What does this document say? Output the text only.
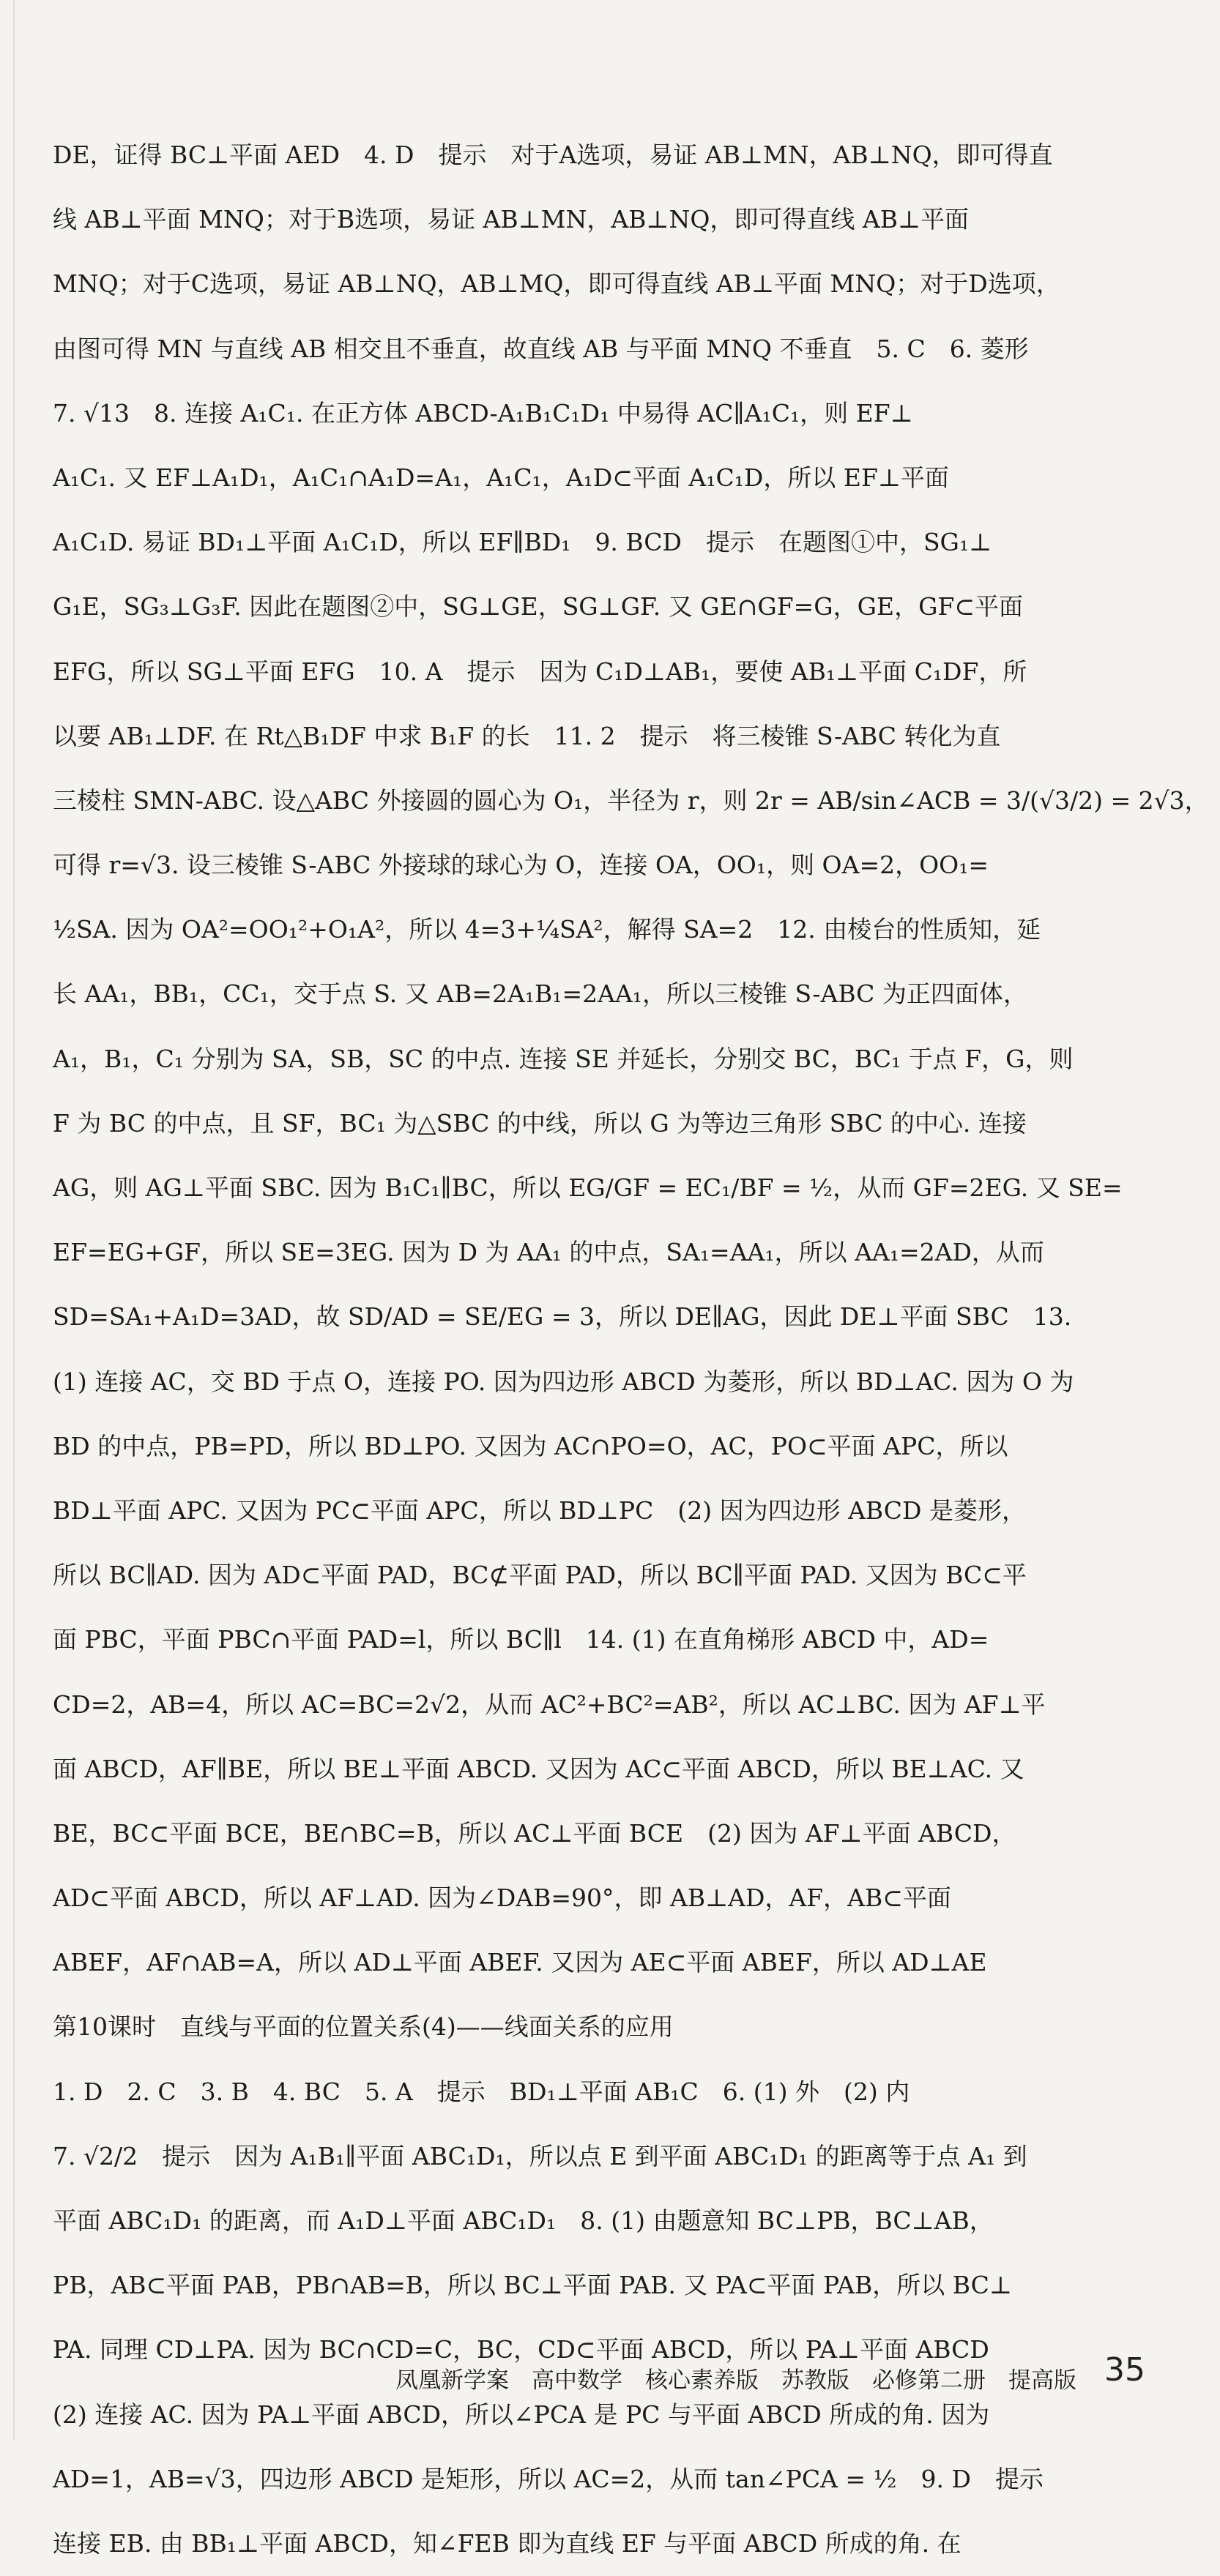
DE，证得 BC⊥平面 AED　4. D　提示　对于A选项，易证 AB⊥MN，AB⊥NQ，即可得直
线 AB⊥平面 MNQ；对于B选项，易证 AB⊥MN，AB⊥NQ，即可得直线 AB⊥平面
MNQ；对于C选项，易证 AB⊥NQ，AB⊥MQ，即可得直线 AB⊥平面 MNQ；对于D选项，
由图可得 MN 与直线 AB 相交且不垂直，故直线 AB 与平面 MNQ 不垂直　5. C　6. 菱形
7. √13　8. 连接 A₁C₁. 在正方体 ABCD-A₁B₁C₁D₁ 中易得 AC∥A₁C₁，则 EF⊥
A₁C₁. 又 EF⊥A₁D₁，A₁C₁∩A₁D=A₁，A₁C₁，A₁D⊂平面 A₁C₁D，所以 EF⊥平面
A₁C₁D. 易证 BD₁⊥平面 A₁C₁D，所以 EF∥BD₁　9. BCD　提示　在题图①中，SG₁⊥
G₁E，SG₃⊥G₃F. 因此在题图②中，SG⊥GE，SG⊥GF. 又 GE∩GF=G，GE，GF⊂平面
EFG，所以 SG⊥平面 EFG　10. A　提示　因为 C₁D⊥AB₁，要使 AB₁⊥平面 C₁DF，所
以要 AB₁⊥DF. 在 Rt△B₁DF 中求 B₁F 的长　11. 2　提示　将三棱锥 S-ABC 转化为直
三棱柱 SMN-ABC. 设△ABC 外接圆的圆心为 O₁，半径为 r，则 2r = AB/sin∠ACB = 3/(√3/2) = 2√3，
可得 r=√3. 设三棱锥 S-ABC 外接球的球心为 O，连接 OA，OO₁，则 OA=2，OO₁=
½SA. 因为 OA²=OO₁²+O₁A²，所以 4=3+¼SA²，解得 SA=2　12. 由棱台的性质知，延
长 AA₁，BB₁，CC₁，交于点 S. 又 AB=2A₁B₁=2AA₁，所以三棱锥 S-ABC 为正四面体，
A₁，B₁，C₁ 分别为 SA，SB，SC 的中点. 连接 SE 并延长，分别交 BC，BC₁ 于点 F，G，则
F 为 BC 的中点，且 SF，BC₁ 为△SBC 的中线，所以 G 为等边三角形 SBC 的中心. 连接
AG，则 AG⊥平面 SBC. 因为 B₁C₁∥BC，所以 EG/GF = EC₁/BF = ½，从而 GF=2EG. 又 SE=
EF=EG+GF，所以 SE=3EG. 因为 D 为 AA₁ 的中点，SA₁=AA₁，所以 AA₁=2AD，从而
SD=SA₁+A₁D=3AD，故 SD/AD = SE/EG = 3，所以 DE∥AG，因此 DE⊥平面 SBC　13.
(1) 连接 AC，交 BD 于点 O，连接 PO. 因为四边形 ABCD 为菱形，所以 BD⊥AC. 因为 O 为
BD 的中点，PB=PD，所以 BD⊥PO. 又因为 AC∩PO=O，AC，PO⊂平面 APC，所以
BD⊥平面 APC. 又因为 PC⊂平面 APC，所以 BD⊥PC　(2) 因为四边形 ABCD 是菱形，
所以 BC∥AD. 因为 AD⊂平面 PAD，BC⊄平面 PAD，所以 BC∥平面 PAD. 又因为 BC⊂平
面 PBC，平面 PBC∩平面 PAD=l，所以 BC∥l　14. (1) 在直角梯形 ABCD 中，AD=
CD=2，AB=4，所以 AC=BC=2√2，从而 AC²+BC²=AB²，所以 AC⊥BC. 因为 AF⊥平
面 ABCD，AF∥BE，所以 BE⊥平面 ABCD. 又因为 AC⊂平面 ABCD，所以 BE⊥AC. 又
BE，BC⊂平面 BCE，BE∩BC=B，所以 AC⊥平面 BCE　(2) 因为 AF⊥平面 ABCD，
AD⊂平面 ABCD，所以 AF⊥AD. 因为∠DAB=90°，即 AB⊥AD，AF，AB⊂平面
ABEF，AF∩AB=A，所以 AD⊥平面 ABEF. 又因为 AE⊂平面 ABEF，所以 AD⊥AE
第10课时　直线与平面的位置关系(4)——线面关系的应用
1. D　2. C　3. B　4. BC　5. A　提示　BD₁⊥平面 AB₁C　6. (1) 外　(2) 内
7. √2/2　提示　因为 A₁B₁∥平面 ABC₁D₁，所以点 E 到平面 ABC₁D₁ 的距离等于点 A₁ 到
平面 ABC₁D₁ 的距离，而 A₁D⊥平面 ABC₁D₁　8. (1) 由题意知 BC⊥PB，BC⊥AB，
PB，AB⊂平面 PAB，PB∩AB=B，所以 BC⊥平面 PAB. 又 PA⊂平面 PAB，所以 BC⊥
PA. 同理 CD⊥PA. 因为 BC∩CD=C，BC，CD⊂平面 ABCD，所以 PA⊥平面 ABCD
(2) 连接 AC. 因为 PA⊥平面 ABCD，所以∠PCA 是 PC 与平面 ABCD 所成的角. 因为
AD=1，AB=√3，四边形 ABCD 是矩形，所以 AC=2，从而 tan∠PCA = ½　9. D　提示
连接 EB. 由 BB₁⊥平面 ABCD，知∠FEB 即为直线 EF 与平面 ABCD 所成的角. 在
凤凰新学案　高中数学　核心素养版　苏教版　必修第二册　提高版 35
